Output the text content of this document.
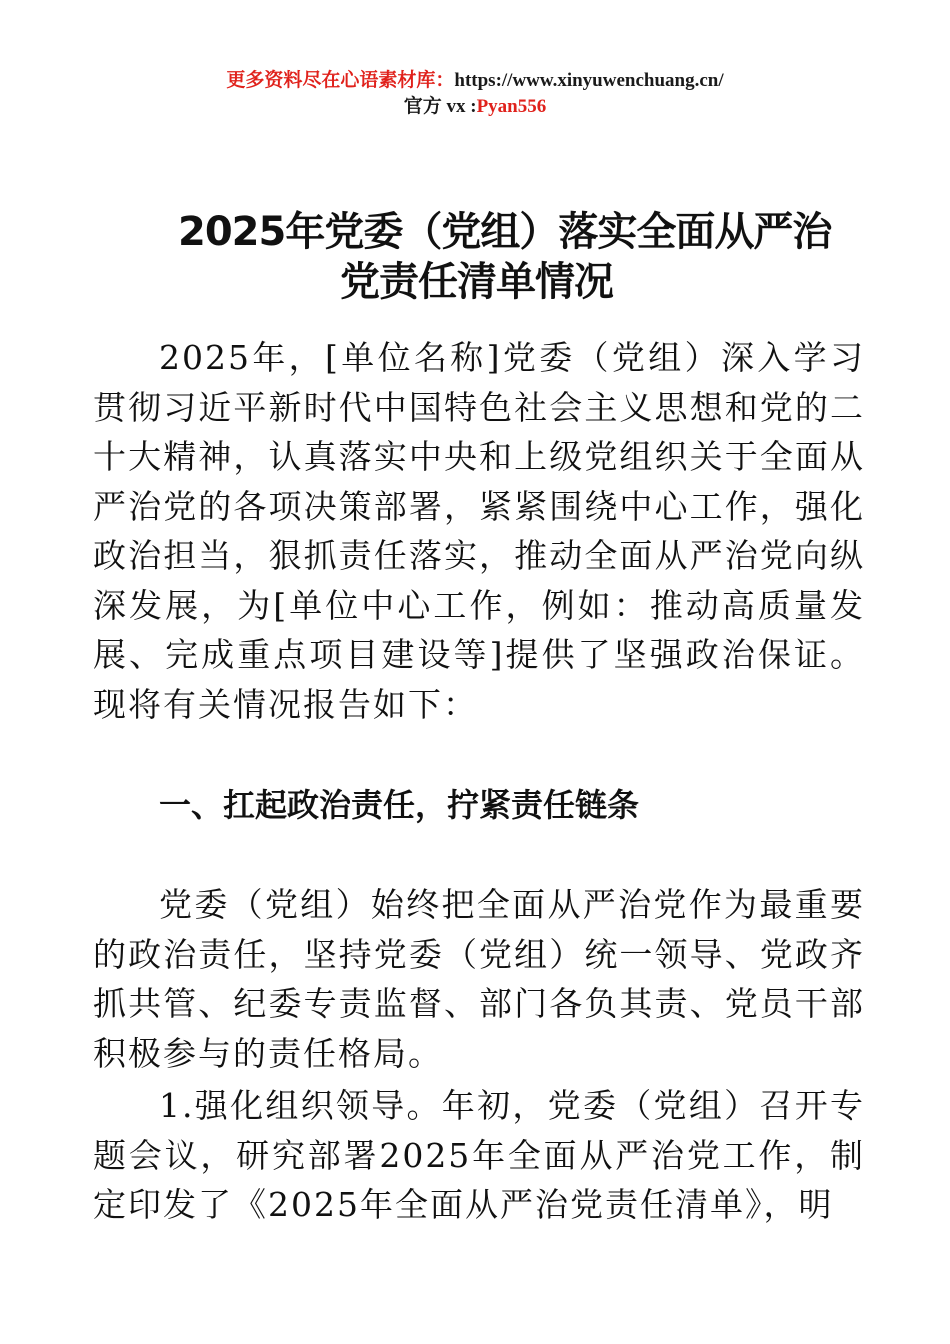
更多资料尽在心语素材库：https://www.xinyuwenchuang.cn/
官方 vx :Pyan556
2025年党委（党组）落实全面从严治
党责任清单情况

2025年，[单位名称]党委（党组）深入学习贯彻习近平新时代中国特色社会主义思想和党的二十大精神，认真落实中央和上级党组织关于全面从严治党的各项决策部署，紧紧围绕中心工作，强化政治担当，狠抓责任落实，推动全面从严治党向纵深发展，为[单位中心工作，例如：推动高质量发展、完成重点项目建设等]提供了坚强政治保证。现将有关情况报告如下：

一、扛起政治责任，拧紧责任链条

党委（党组）始终把全面从严治党作为最重要的政治责任，坚持党委（党组）统一领导、党政齐抓共管、纪委专责监督、部门各负其责、党员干部积极参与的责任格局。

1.强化组织领导。年初，党委（党组）召开专题会议，研究部署2025年全面从严治党工作，制定印发了《2025年全面从严治党责任清单》，明
